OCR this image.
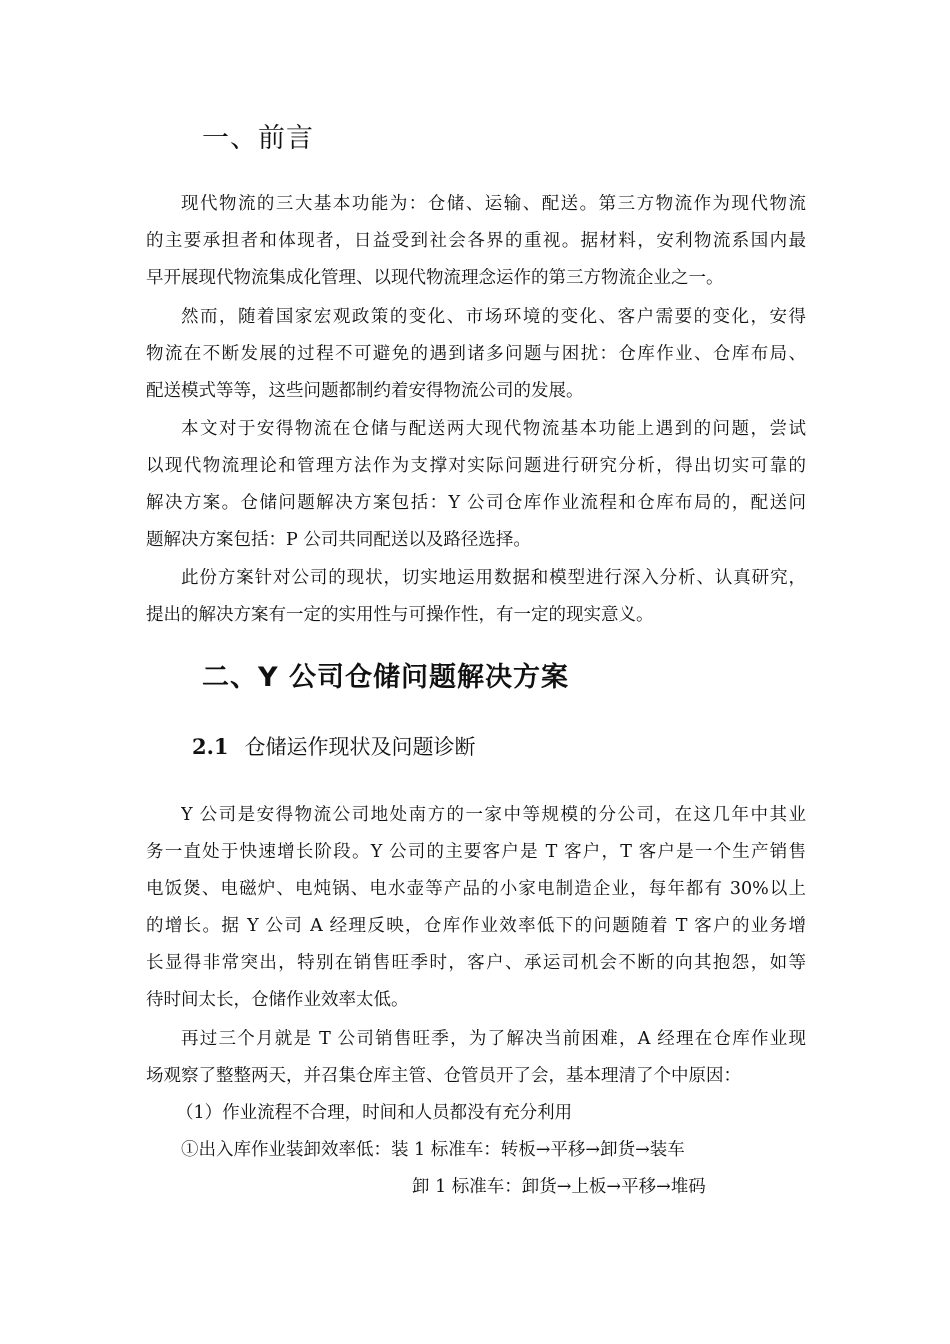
一、前言

现代物流的三大基本功能为：仓储、运输、配送。第三方物流作为现代物流

的主要承担者和体现者，日益受到社会各界的重视。据材料，安利物流系国内最

早开展现代物流集成化管理、以现代物流理念运作的第三方物流企业之一。

然而，随着国家宏观政策的变化、市场环境的变化、客户需要的变化，安得

物流在不断发展的过程不可避免的遇到诸多问题与困扰：仓库作业、仓库布局、

配送模式等等，这些问题都制约着安得物流公司的发展。

本文对于安得物流在仓储与配送两大现代物流基本功能上遇到的问题，尝试

以现代物流理论和管理方法作为支撑对实际问题进行研究分析，得出切实可靠的

解决方案。仓储问题解决方案包括：Y 公司仓库作业流程和仓库布局的，配送问

题解决方案包括：P 公司共同配送以及路径选择。

此份方案针对公司的现状，切实地运用数据和模型进行深入分析、认真研究，

提出的解决方案有一定的实用性与可操作性，有一定的现实意义。

二、Y 公司仓储问题解决方案
2.1 仓储运作现状及问题诊断

Y 公司是安得物流公司地处南方的一家中等规模的分公司，在这几年中其业

务一直处于快速增长阶段。Y 公司的主要客户是 T 客户，T 客户是一个生产销售

电饭煲、电磁炉、电炖锅、电水壶等产品的小家电制造企业，每年都有 30%以上

的增长。据 Y 公司 A 经理反映，仓库作业效率低下的问题随着 T 客户的业务增

长显得非常突出，特别在销售旺季时，客户、承运司机会不断的向其抱怨，如等

待时间太长，仓储作业效率太低。

再过三个月就是 T 公司销售旺季，为了解决当前困难，A 经理在仓库作业现

场观察了整整两天，并召集仓库主管、仓管员开了会，基本理清了个中原因：

（1）作业流程不合理，时间和人员都没有充分利用

①出入库作业装卸效率低：装 1 标准车：转板→平移→卸货→装车

卸 1 标准车：卸货→上板→平移→堆码
